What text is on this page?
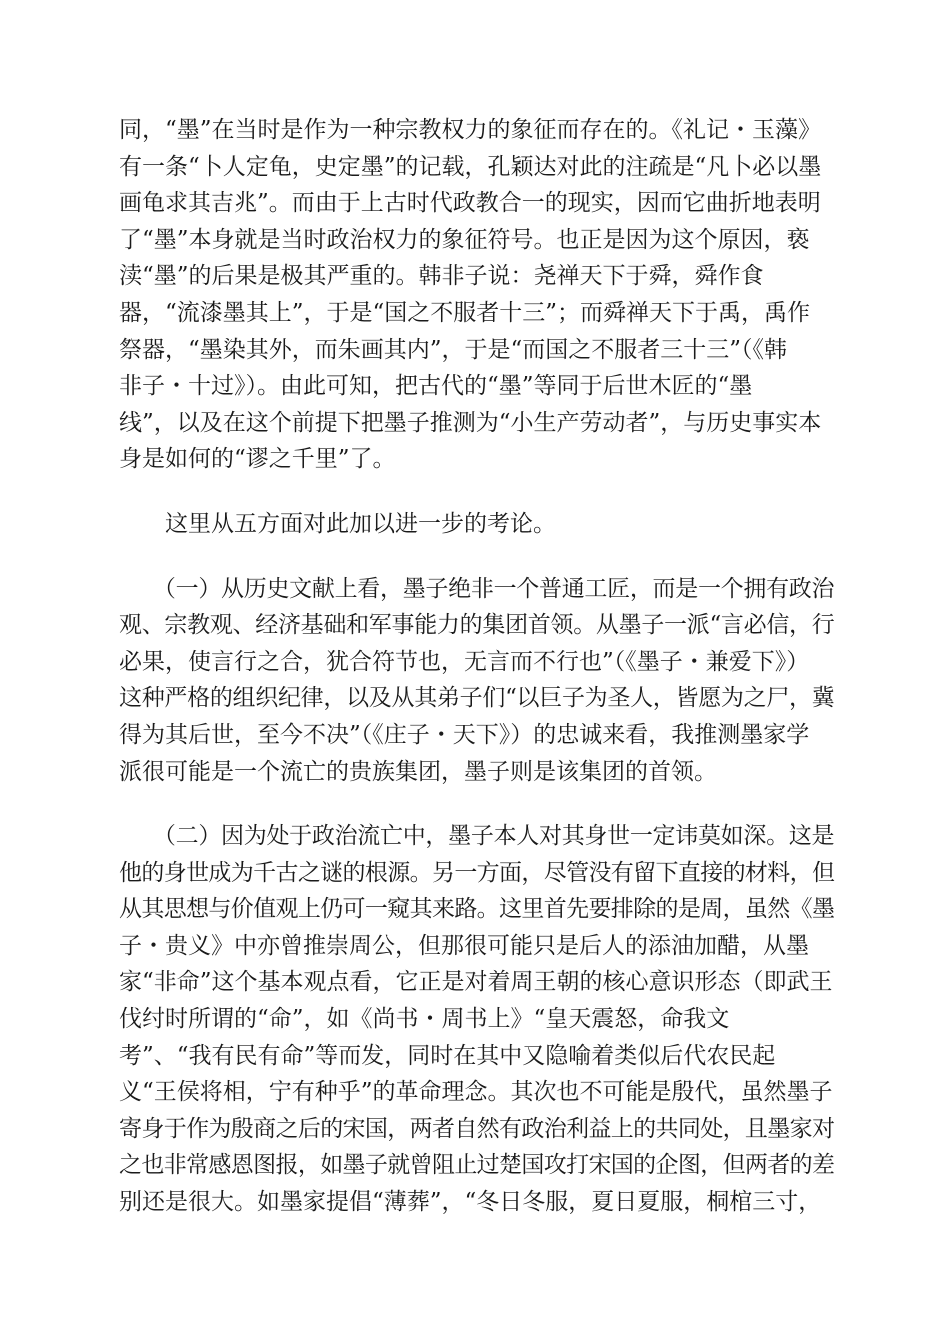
同，“墨”在当时是作为一种宗教权力的象征而存在的。《礼记・玉藻》
有一条“卜人定龟，史定墨”的记载，孔颖达对此的注疏是“凡卜必以墨
画龟求其吉兆”。而由于上古时代政教合一的现实，因而它曲折地表明
了“墨”本身就是当时政治权力的象征符号。也正是因为这个原因，亵
渎“墨”的后果是极其严重的。韩非子说：尧禅天下于舜，舜作食
器，“流漆墨其上”，于是“国之不服者十三”；而舜禅天下于禹，禹作
祭器，“墨染其外，而朱画其内”，于是“而国之不服者三十三”（《韩
非子・十过》）。由此可知，把古代的“墨”等同于后世木匠的“墨
线”，以及在这个前提下把墨子推测为“小生产劳动者”，与历史事实本
身是如何的“谬之千里”了。
　　这里从五方面对此加以进一步的考论。
　　（一）从历史文献上看，墨子绝非一个普通工匠，而是一个拥有政治
观、宗教观、经济基础和军事能力的集团首领。从墨子一派“言必信，行
必果，使言行之合，犹合符节也，无言而不行也”（《墨子・兼爱下》）
这种严格的组织纪律，以及从其弟子们“以巨子为圣人，皆愿为之尸，冀
得为其后世，至今不决”（《庄子・天下》）的忠诚来看，我推测墨家学
派很可能是一个流亡的贵族集团，墨子则是该集团的首领。
　　（二）因为处于政治流亡中，墨子本人对其身世一定讳莫如深。这是
他的身世成为千古之谜的根源。另一方面，尽管没有留下直接的材料，但
从其思想与价值观上仍可一窥其来路。这里首先要排除的是周，虽然《墨
子・贵义》中亦曾推崇周公，但那很可能只是后人的添油加醋，从墨
家“非命”这个基本观点看，它正是对着周王朝的核心意识形态（即武王
伐纣时所谓的“命”，如《尚书・周书上》“皇天震怒，命我文
考”、“我有民有命”等而发，同时在其中又隐喻着类似后代农民起
义“王侯将相，宁有种乎”的革命理念。其次也不可能是殷代，虽然墨子
寄身于作为殷商之后的宋国，两者自然有政治利益上的共同处，且墨家对
之也非常感恩图报，如墨子就曾阻止过楚国攻打宋国的企图，但两者的差
别还是很大。如墨家提倡“薄葬”，“冬日冬服，夏日夏服，桐棺三寸，
